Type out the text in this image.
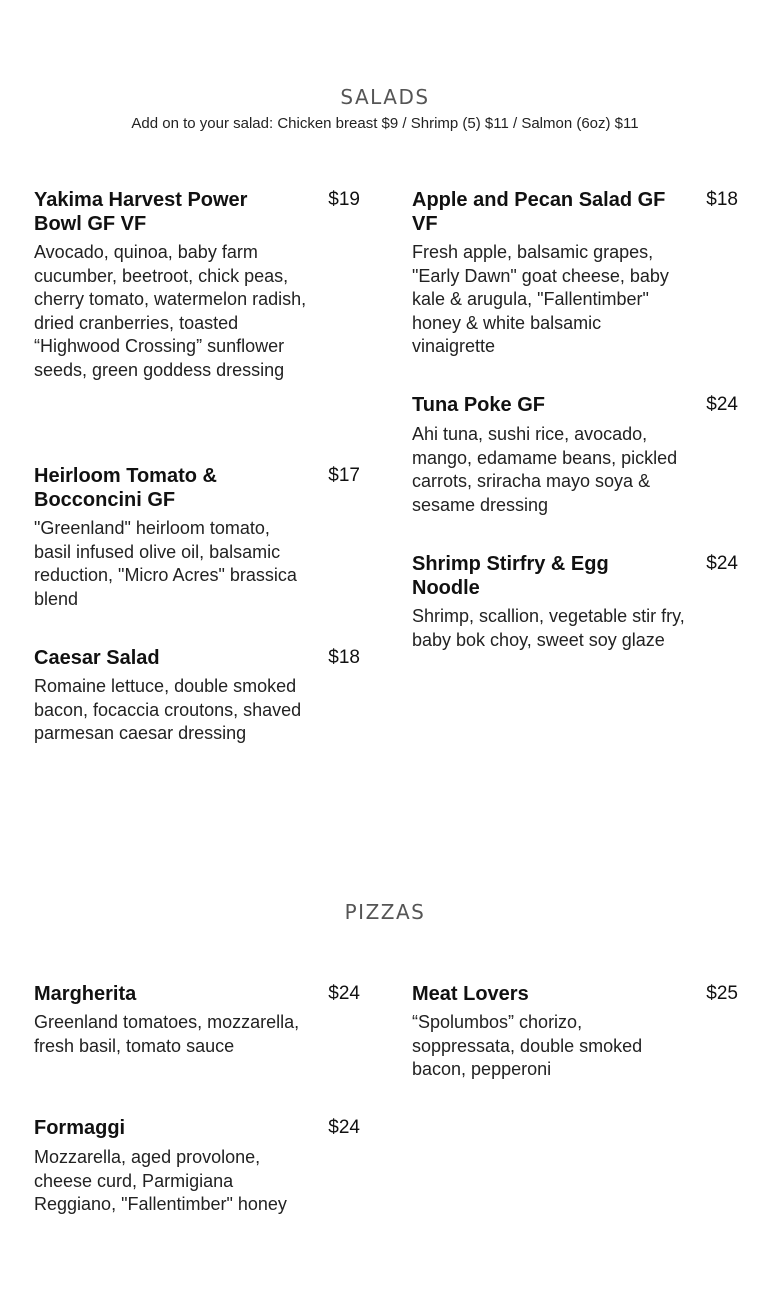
SALADS
Add on to your salad: Chicken breast $9 / Shrimp (5) $11 / Salmon (6oz) $11
Yakima Harvest Power Bowl GF VF
$19
Avocado, quinoa, baby farm cucumber, beetroot, chick peas, cherry tomato, watermelon radish, dried cranberries, toasted “Highwood Crossing” sunflower seeds, green goddess dressing
Heirloom Tomato & Bocconcini GF
$17
"Greenland" heirloom tomato, basil infused olive oil, balsamic reduction, "Micro Acres" brassica blend
Caesar Salad	$18
Romaine lettuce, double smoked bacon, focaccia croutons, shaved parmesan caesar dressing
Apple and Pecan Salad GF VF
$18
Fresh apple, balsamic grapes, "Early Dawn" goat cheese, baby kale & arugula, "Fallentimber" honey & white balsamic vinaigrette
Tuna Poke GF	$24
Ahi tuna, sushi rice, avocado, mango, edamame beans, pickled carrots, sriracha mayo soya & sesame dressing
Shrimp Stirfry & Egg Noodle
$24
Shrimp, scallion, vegetable stir fry, baby bok choy, sweet soy glaze
PIZZAS
Margherita	$24
Greenland tomatoes, mozzarella, fresh basil, tomato sauce
Formaggi	$24
Mozzarella, aged provolone, cheese curd, Parmigiana Reggiano, "Fallentimber" honey
Meat Lovers	$25
“Spolumbos” chorizo, soppressata, double smoked bacon, pepperoni
